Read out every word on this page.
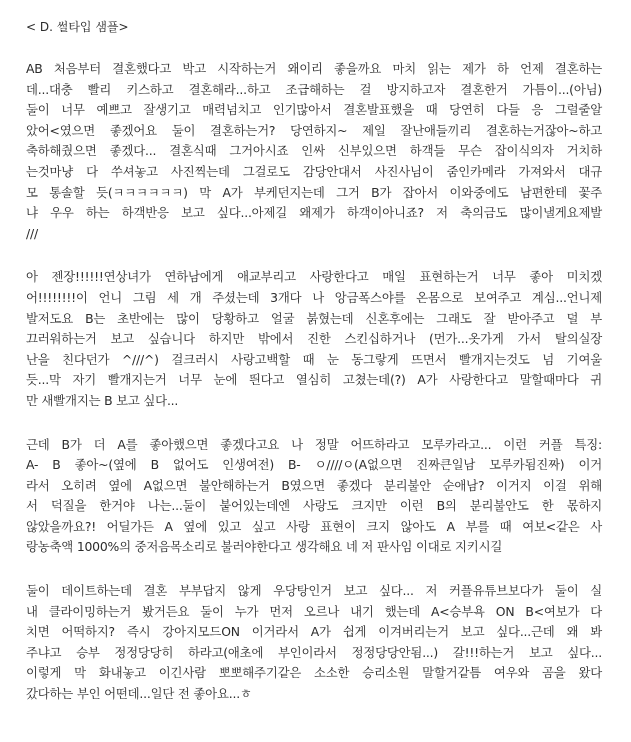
< D. 썰타입 샘플>
AB 처음부터 결혼했다고 박고 시작하는거 왜이리 좋을까요 마치 읽는 제가 하 언제 결혼하는
데...대충 빨리 키스하고 결혼해라...하고 조급해하는 걸 방지하고자 결혼한거 가틈이...(아님)
둘이 너무 예쁘고 잘생기고 매력넘치고 인기많아서 결혼발표했을 때 당연히 다들 응 그럴줄알
았어<였으면 좋겠어요 둘이 결혼하는거? 당연하지~ 제일 잘난애들끼리 결혼하는거잖아~하고
축하해줬으면 좋겠다... 결혼식때 그거아시죠 인싸 신부있으면 하객들 무슨 잡이식의자 거치하
는것마냥 다 쑤셔놓고 사진찍는데 그걸로도 감당안대서 사진사님이 줌인카메라 가져와서 대규
모 통솔할 듯(ㅋㅋㅋㅋㅋㅋ) 막 A가 부케던지는데 그거 B가 잡아서 이와중에도 남편한테 꽃주
냐 우우 하는 하객반응 보고 싶다...아제길 왜제가 하객이아니죠? 저 축의금도 많이낼게요제발
///
아 젠장!!!!!!연상녀가 연하남에게 애교부리고 사랑한다고 매일 표현하는거 너무 좋아 미치겠
어!!!!!!!!이 언니 그림 세 개 주셨는데 3개다 나 앙금폭스야를 온몸으로 보여주고 계심...언니제
발저도요 B는 초반에는 많이 당황하고 얼굴 붉혔는데 신혼후에는 그래도 잘 받아주고 덜 부
끄러워하는거 보고 싶습니다 하지만 밖에서 진한 스킨십하거나 (먼가...옷가게 가서 탈의실장
난을 친다던가 ^///^) 걸크러시 사랑고백할 때 눈 동그랗게 뜨면서 빨개지는것도 넘 기여울
듯...막 자기 빨개지는거 너무 눈에 띈다고 열심히 고쳤는데(?) A가 사랑한다고 말할때마다 귀
만 새빨개지는 B 보고 싶다...
근데 B가 더 A를 좋아했으면 좋겠다고요 나 정말 어뜨하라고 모루카라고... 이런 커플 특징:
A- B 좋아~(옆에 B 없어도 인생여전) B- ㅇ////ㅇ(A없으면 진짜큰일남 모루카됨진짜) 이거
라서 오히려 옆에 A없으면 불안해하는거 B였으면 좋겠다 분리불안 순애남? 이거지 이걸 위해
서 덕질을 한거야 나는...둘이 붙어있는데엔 사랑도 크지만 이런 B의 분리불안도 한 몫하지
않았을까요?! 어딜가든 A 옆에 있고 싶고 사랑 표현이 크지 않아도 A 부를 때 여보<같은 사
랑농축액 1000%의 중저음목소리로 불러야한다고 생각해요 네 저 판사임 이대로 지키시길
둘이 데이트하는데 결혼 부부답지 않게 우당탕인거 보고 싶다... 저 커플유튜브보다가 둘이 실
내 클라이밍하는거 봤거든요 둘이 누가 먼저 오르나 내기 했는데 A<승부욕 ON B<여보가 다
치면 어떡하지? 즉시 강아지모드ON 이거라서 A가 쉽게 이겨버리는거 보고 싶다...근데 왜 봐
주냐고 승부 정정당당히 하라고(애초에 부인이라서 정정당당안됨...) 갈!!!하는거 보고 싶다...
이렇게 막 화내놓고 이긴사람 뽀뽀해주기같은 소소한 승리소원 말할거같틈 여우와 곰을 왔다
갔다하는 부인 어떤데...일단 전 좋아요...ㅎ
